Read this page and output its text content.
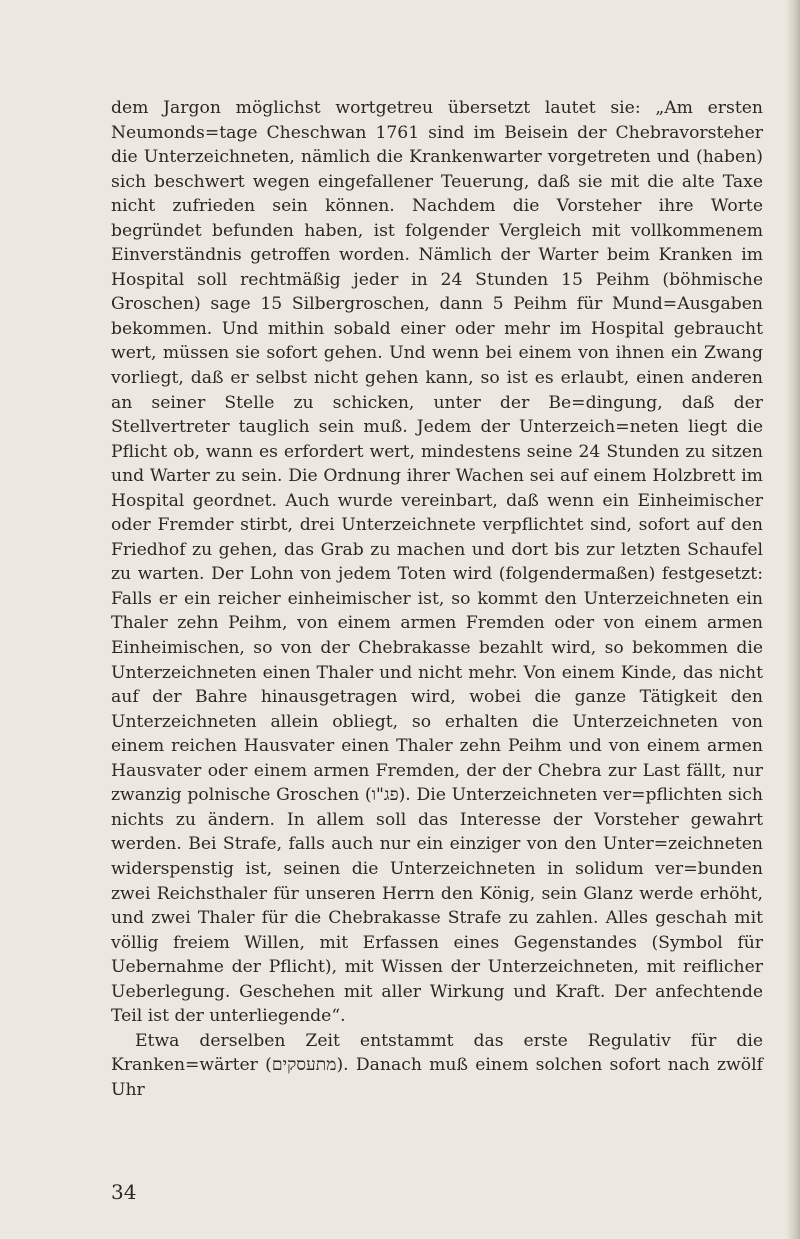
dem Jargon möglichst wortgetreu übersetzt lautet sie: „Am ersten Neumonds=tage Cheschwan 1761 sind im Beisein der Chebravorsteher die Unterzeichneten, nämlich die Krankenwarter vorgetreten und (haben) sich beschwert wegen eingefallener Teuerung, daß sie mit die alte Taxe nicht zufrieden sein können. Nachdem die Vorsteher ihre Worte begründet befunden haben, ist folgender Vergleich mit vollkommenem Einverständnis getroffen worden. Nämlich der Warter beim Kranken im Hospital soll rechtmäßig jeder in 24 Stunden 15 Peihm (böhmische Groschen) sage 15 Silbergroschen, dann 5 Peihm für Mund=Ausgaben bekommen. Und mithin sobald einer oder mehr im Hospital gebraucht wert, müssen sie sofort gehen. Und wenn bei einem von ihnen ein Zwang vorliegt, daß er selbst nicht gehen kann, so ist es erlaubt, einen anderen an seiner Stelle zu schicken, unter der Be=dingung, daß der Stellvertreter tauglich sein muß. Jedem der Unterzeich=neten liegt die Pflicht ob, wann es erfordert wert, mindestens seine 24 Stunden zu sitzen und Warter zu sein. Die Ordnung ihrer Wachen sei auf einem Holzbrett im Hospital geordnet. Auch wurde vereinbart, daß wenn ein Einheimischer oder Fremder stirbt, drei Unterzeichnete verpflichtet sind, sofort auf den Friedhof zu gehen, das Grab zu machen und dort bis zur letzten Schaufel zu warten. Der Lohn von jedem Toten wird (folgendermaßen) festgesetzt: Falls er ein reicher einheimischer ist, so kommt den Unterzeichneten ein Thaler zehn Peihm, von einem armen Fremden oder von einem armen Einheimischen, so von der Chebrakasse bezahlt wird, so bekommen die Unterzeichneten einen Thaler und nicht mehr. Von einem Kinde, das nicht auf der Bahre hinausgetragen wird, wobei die ganze Tätigkeit den Unterzeichneten allein obliegt, so erhalten die Unterzeichneten von einem reichen Hausvater einen Thaler zehn Peihm und von einem armen Hausvater oder einem armen Fremden, der der Chebra zur Last fällt, nur zwanzig polnische Groschen (פג"ו). Die Unterzeichneten ver=pflichten sich nichts zu ändern. In allem soll das Interesse der Vorsteher gewahrt werden. Bei Strafe, falls auch nur ein einziger von den Unter=zeichneten widerspenstig ist, seinen die Unterzeichneten in solidum ver=bunden zwei Reichsthaler für unseren Herrn den König, sein Glanz werde erhöht, und zwei Thaler für die Chebrakasse Strafe zu zahlen. Alles geschah mit völlig freiem Willen, mit Erfassen eines Gegenstandes (Symbol für Uebernahme der Pflicht), mit Wissen der Unterzeichneten, mit reiflicher Ueberlegung. Geschehen mit aller Wirkung und Kraft. Der anfechtende Teil ist der unterliegende“.

Etwa derselben Zeit entstammt das erste Regulativ für die Kranken=wärter (מתעסקים). Danach muß einem solchen sofort nach zwölf Uhr

34
